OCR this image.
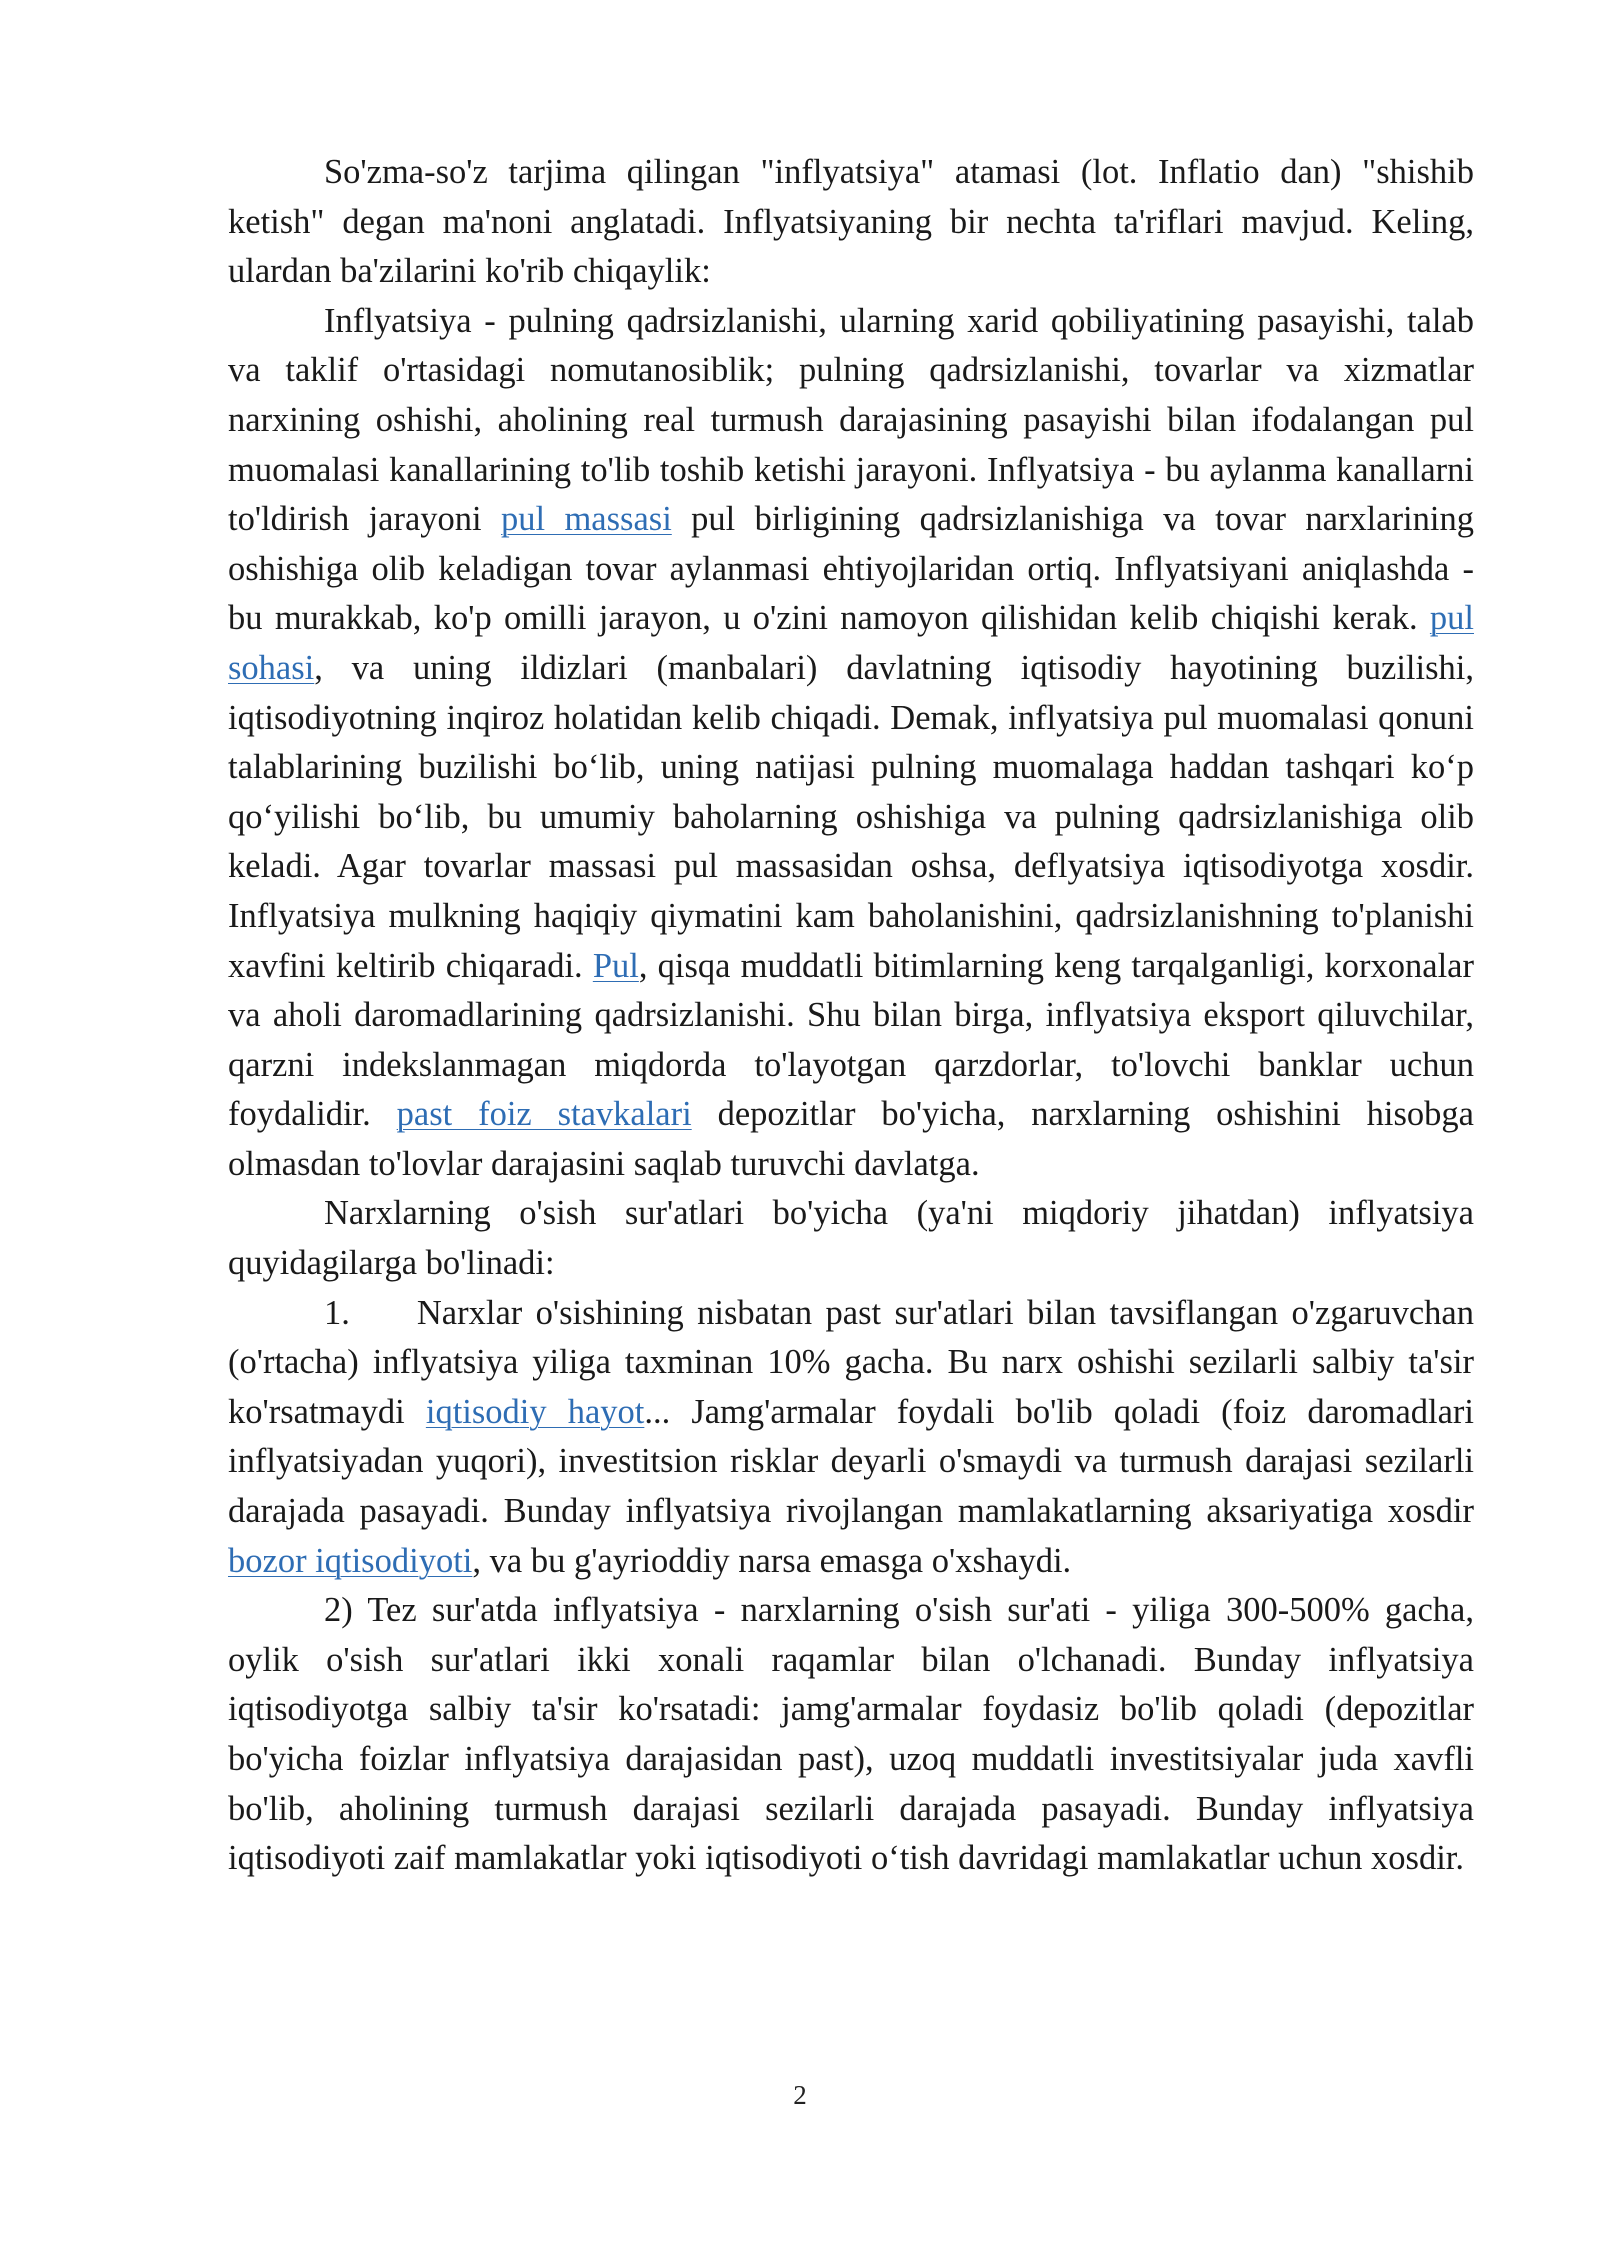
So'zma-so'z tarjima qilingan "inflyatsiya" atamasi (lot. Inflatio dan) "shishib ketish" degan ma'noni anglatadi. Inflyatsiyaning bir nechta ta'riflari mavjud. Keling, ulardan ba'zilarini ko'rib chiqaylik:

Inflyatsiya - pulning qadrsizlanishi, ularning xarid qobiliyatining pasayishi, talab va taklif o'rtasidagi nomutanosiblik; pulning qadrsizlanishi, tovarlar va xizmatlar narxining oshishi, aholining real turmush darajasining pasayishi bilan ifodalangan pul muomalasi kanallarining to'lib toshib ketishi jarayoni. Inflyatsiya - bu aylanma kanallarni to'ldirish jarayoni pul massasi pul birligining qadrsizlanishiga va tovar narxlarining oshishiga olib keladigan tovar aylanmasi ehtiyojlaridan ortiq. Inflyatsiyani aniqlashda - bu murakkab, ko'p omilli jarayon, u o'zini namoyon qilishidan kelib chiqishi kerak. pul sohasi, va uning ildizlari (manbalari) davlatning iqtisodiy hayotining buzilishi, iqtisodiyotning inqiroz holatidan kelib chiqadi. Demak, inflyatsiya pul muomalasi qonuni talablarining buzilishi bo‘lib, uning natijasi pulning muomalaga haddan tashqari ko‘p qo‘yilishi bo‘lib, bu umumiy baholarning oshishiga va pulning qadrsizlanishiga olib keladi. Agar tovarlar massasi pul massasidan oshsa, deflyatsiya iqtisodiyotga xosdir. Inflyatsiya mulkning haqiqiy qiymatini kam baholanishini, qadrsizlanishning to'planishi xavfini keltirib chiqaradi. Pul, qisqa muddatli bitimlarning keng tarqalganligi, korxonalar va aholi daromadlarining qadrsizlanishi. Shu bilan birga, inflyatsiya eksport qiluvchilar, qarzni indekslanmagan miqdorda to'layotgan qarzdorlar, to'lovchi banklar uchun foydalidir. past foiz stavkalari depozitlar bo'yicha, narxlarning oshishini hisobga olmasdan to'lovlar darajasini saqlab turuvchi davlatga.

Narxlarning o'sish sur'atlari bo'yicha (ya'ni miqdoriy jihatdan) inflyatsiya quyidagilarga bo'linadi:

1.     Narxlar o'sishining nisbatan past sur'atlari bilan tavsiflangan o'zgaruvchan (o'rtacha) inflyatsiya yiliga taxminan 10% gacha. Bu narx oshishi sezilarli salbiy ta'sir ko'rsatmaydi iqtisodiy hayot... Jamg'armalar foydali bo'lib qoladi (foiz daromadlari inflyatsiyadan yuqori), investitsion risklar deyarli o'smaydi va turmush darajasi sezilarli darajada pasayadi. Bunday inflyatsiya rivojlangan mamlakatlarning aksariyatiga xosdir bozor iqtisodiyoti, va bu g'ayrioddiy narsa emasga o'xshaydi.

2) Tez sur'atda inflyatsiya - narxlarning o'sish sur'ati - yiliga 300-500% gacha, oylik o'sish sur'atlari ikki xonali raqamlar bilan o'lchanadi. Bunday inflyatsiya iqtisodiyotga salbiy ta'sir ko'rsatadi: jamg'armalar foydasiz bo'lib qoladi (depozitlar bo'yicha foizlar inflyatsiya darajasidan past), uzoq muddatli investitsiyalar juda xavfli bo'lib, aholining turmush darajasi sezilarli darajada pasayadi. Bunday inflyatsiya iqtisodiyoti zaif mamlakatlar yoki iqtisodiyoti o‘tish davridagi mamlakatlar uchun xosdir.

2
